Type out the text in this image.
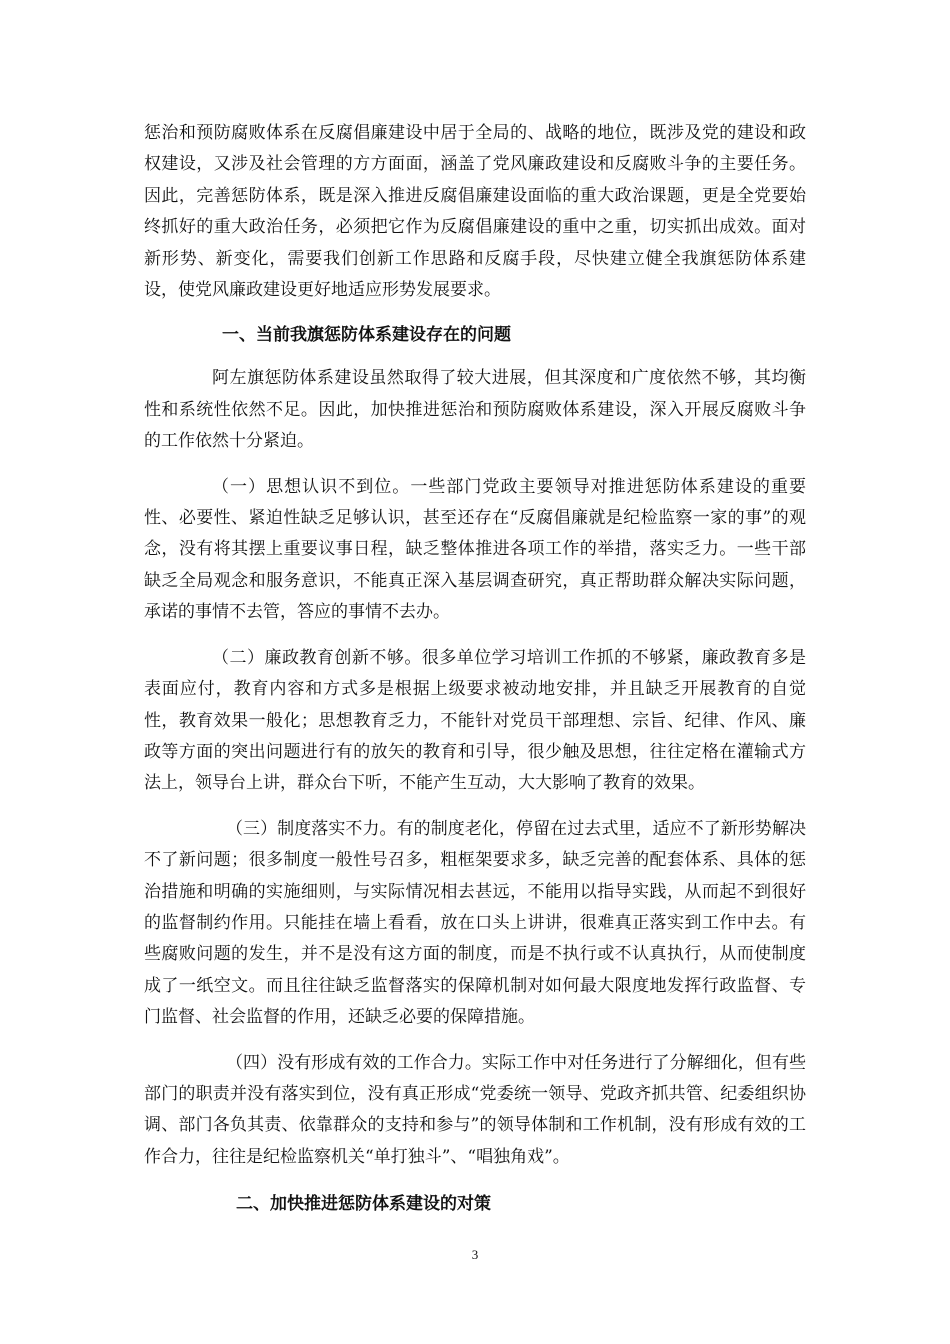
惩治和预防腐败体系在反腐倡廉建设中居于全局的、战略的地位，既涉及党的建设和政权建设，又涉及社会管理的方方面面，涵盖了党风廉政建设和反腐败斗争的主要任务。因此，完善惩防体系，既是深入推进反腐倡廉建设面临的重大政治课题，更是全党要始终抓好的重大政治任务，必须把它作为反腐倡廉建设的重中之重，切实抓出成效。面对新形势、新变化，需要我们创新工作思路和反腐手段，尽快建立健全我旗惩防体系建设，使党风廉政建设更好地适应形势发展要求。

一、当前我旗惩防体系建设存在的问题

阿左旗惩防体系建设虽然取得了较大进展，但其深度和广度依然不够，其均衡性和系统性依然不足。因此，加快推进惩治和预防腐败体系建设，深入开展反腐败斗争的工作依然十分紧迫。

（一）思想认识不到位。一些部门党政主要领导对推进惩防体系建设的重要性、必要性、紧迫性缺乏足够认识，甚至还存在“反腐倡廉就是纪检监察一家的事”的观念，没有将其摆上重要议事日程，缺乏整体推进各项工作的举措，落实乏力。一些干部缺乏全局观念和服务意识，不能真正深入基层调查研究，真正帮助群众解决实际问题，承诺的事情不去管，答应的事情不去办。

（二）廉政教育创新不够。很多单位学习培训工作抓的不够紧，廉政教育多是表面应付，教育内容和方式多是根据上级要求被动地安排，并且缺乏开展教育的自觉性，教育效果一般化；思想教育乏力，不能针对党员干部理想、宗旨、纪律、作风、廉政等方面的突出问题进行有的放矢的教育和引导，很少触及思想，往往定格在灌输式方法上，领导台上讲，群众台下听，不能产生互动，大大影响了教育的效果。

（三）制度落实不力。有的制度老化，停留在过去式里，适应不了新形势解决不了新问题；很多制度一般性号召多，粗框架要求多，缺乏完善的配套体系、具体的惩治措施和明确的实施细则，与实际情况相去甚远，不能用以指导实践，从而起不到很好的监督制约作用。只能挂在墙上看看，放在口头上讲讲，很难真正落实到工作中去。有些腐败问题的发生，并不是没有这方面的制度，而是不执行或不认真执行，从而使制度成了一纸空文。而且往往缺乏监督落实的保障机制对如何最大限度地发挥行政监督、专门监督、社会监督的作用，还缺乏必要的保障措施。

（四）没有形成有效的工作合力。实际工作中对任务进行了分解细化，但有些部门的职责并没有落实到位，没有真正形成“党委统一领导、党政齐抓共管、纪委组织协调、部门各负其责、依靠群众的支持和参与”的领导体制和工作机制，没有形成有效的工作合力，往往是纪检监察机关“单打独斗”、“唱独角戏”。

二、加快推进惩防体系建设的对策

3
